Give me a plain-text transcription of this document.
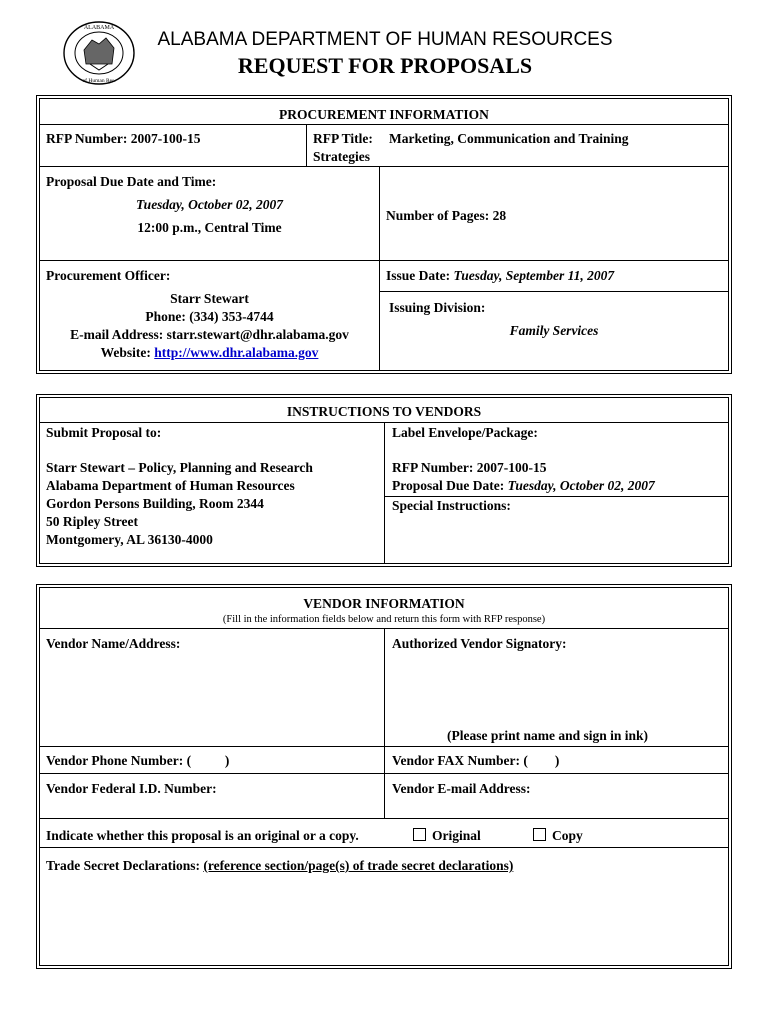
ALABAMA
of Human Res.
ALABAMA DEPARTMENT OF HUMAN RESOURCES
REQUEST FOR PROPOSALS
PROCUREMENT INFORMATION
RFP Number: 2007-100-15	RFP Title: Marketing, Communication and Training
Strategies
Proposal Due Date and Time:
Tuesday, October 02, 2007
12:00 p.m., Central Time
Number of Pages: 28
Procurement Officer:
Starr Stewart
Phone: (334) 353-4744
E-mail Address: starr.stewart@dhr.alabama.gov
Website: http://www.dhr.alabama.gov
Issue Date: Tuesday, September 11, 2007
Issuing Division:
Family Services
INSTRUCTIONS TO VENDORS
Submit Proposal to:
Starr Stewart – Policy, Planning and Research
Alabama Department of Human Resources
Gordon Persons Building, Room 2344
50 Ripley Street
Montgomery, AL 36130-4000
Label Envelope/Package:
RFP Number: 2007-100-15
Proposal Due Date: Tuesday, October 02, 2007
Special Instructions:
VENDOR INFORMATION
(Fill in the information fields below and return this form with RFP response)
Vendor Name/Address:	Authorized Vendor Signatory:
(Please print name and sign in ink)
Vendor Phone Number: (          )	Vendor FAX Number: (        )
Vendor Federal I.D. Number:	Vendor E-mail Address:
Indicate whether this proposal is an original or a copy.	Original	Copy
Trade Secret Declarations: (reference section/page(s) of trade secret declarations)
